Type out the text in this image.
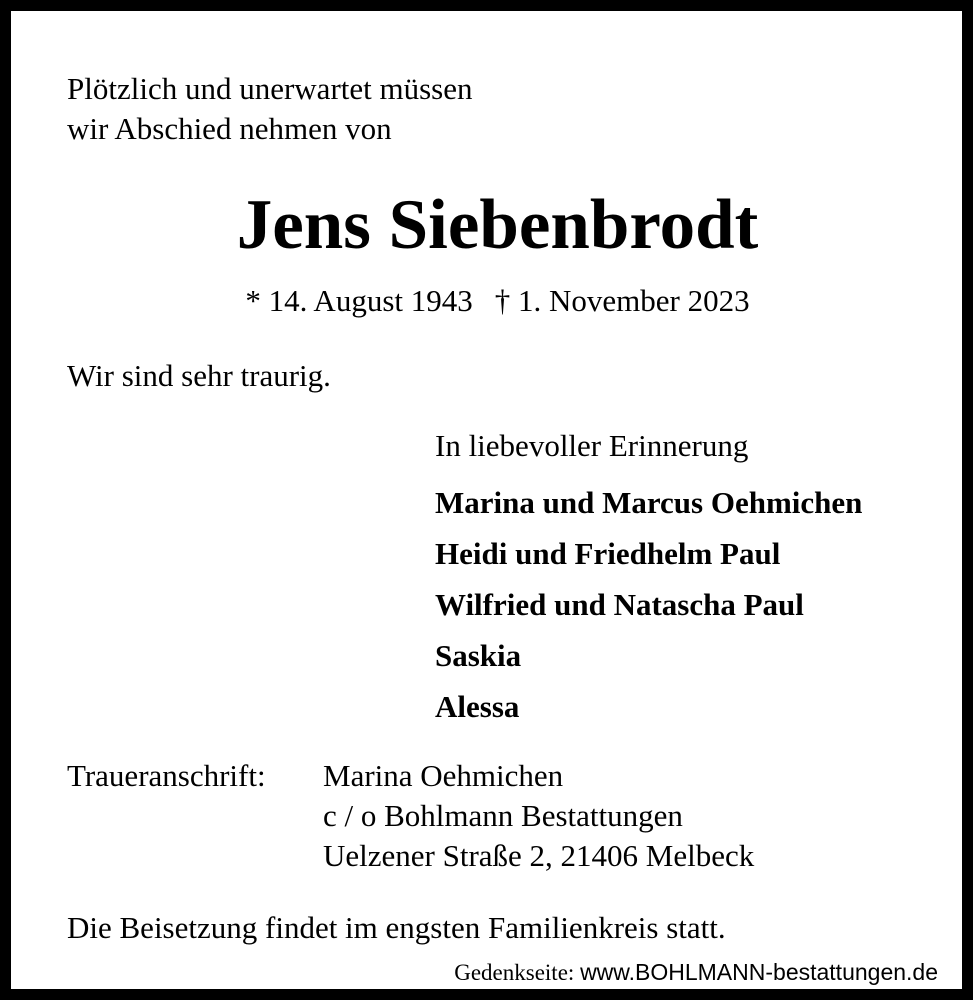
Plötzlich und unerwartet müssen
wir Abschied nehmen von
Jens Siebenbrodt
* 14. August 1943 † 1. November 2023
Wir sind sehr traurig.
In liebevoller Erinnerung
Marina und Marcus Oehmichen
Heidi und Friedhelm Paul
Wilfried und Natascha Paul
Saskia
Alessa
Traueranschrift: Marina Oehmichen
c / o Bohlmann Bestattungen
Uelzener Straße 2, 21406 Melbeck
Die Beisetzung findet im engsten Familienkreis statt.
Gedenkseite: www.BOHLMANN-bestattungen.de
